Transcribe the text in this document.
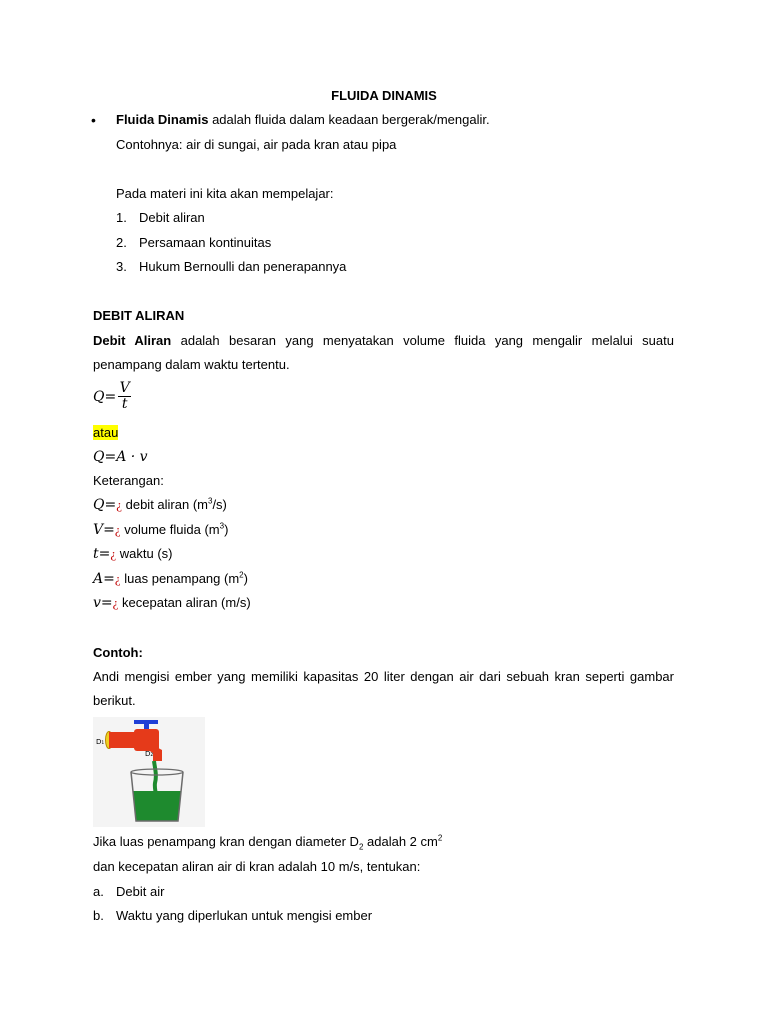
FLUIDA DINAMIS
• Fluida Dinamis adalah fluida dalam keadaan bergerak/mengalir.
Contohnya: air di sungai, air pada kran atau pipa
Pada materi ini kita akan mempelajar:
1. Debit aliran
2. Persamaan kontinuitas
3. Hukum Bernoulli dan penerapannya
DEBIT ALIRAN
Debit Aliran adalah besaran yang menyatakan volume fluida yang mengalir melalui suatu
penampang dalam waktu tertentu.
Q =
V
t
atau
Q=A · v
Keterangan:
Q=¿ debit aliran $(m^3/s)$
V=¿ volume fluida $(m^3)$
t=¿ waktu (s)
A=¿ luas penampang $(m^2)$
v=¿ kecepatan aliran (m/s)
Contoh:
Andi mengisi ember yang memiliki kapasitas 20 liter dengan air dari sebuah kran seperti gambar
berikut.
D₁
D₂
Jika luas penampang kran dengan diameter $D_2$ adalah 2 $cm^2$
dan kecepatan aliran air di kran adalah 10 m/s, tentukan:
a. Debit air
b. Waktu yang diperlukan untuk mengisi ember
